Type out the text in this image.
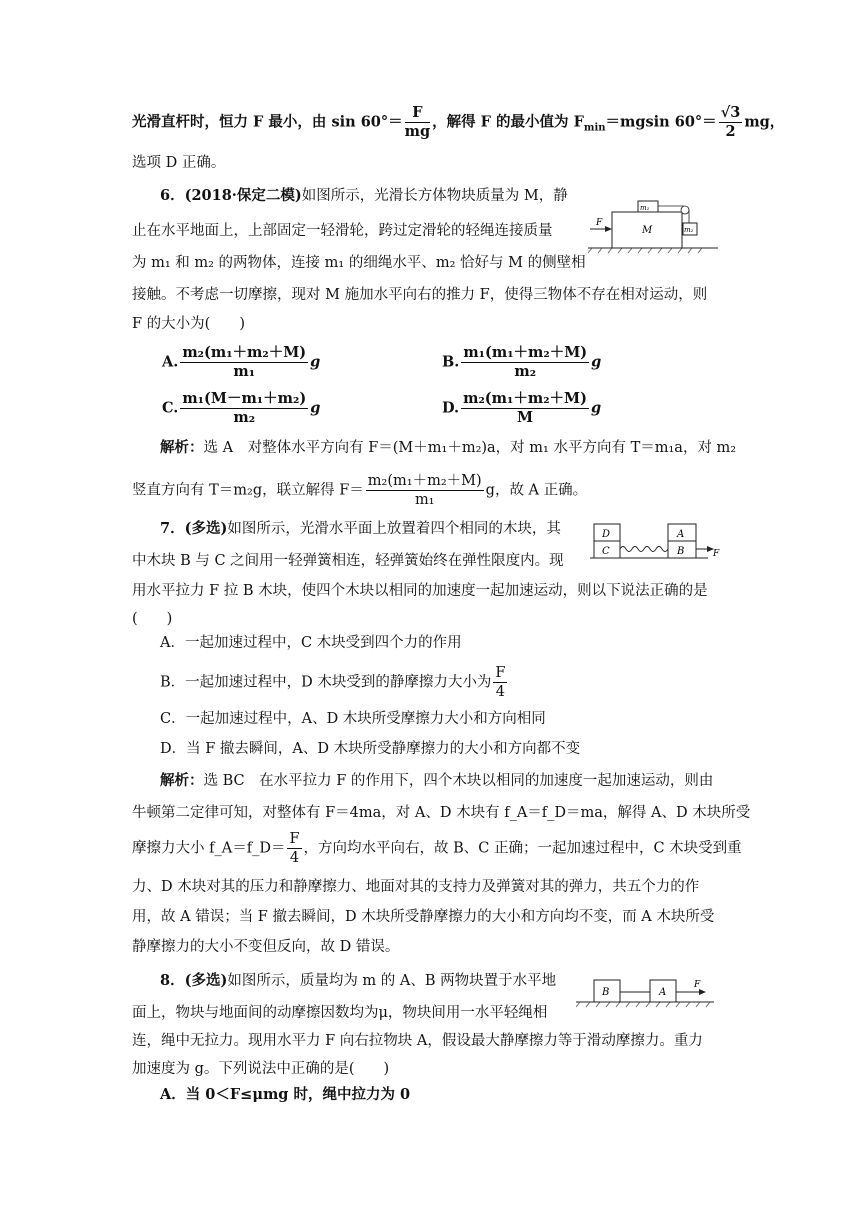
光滑直杆时，恒力 F 最小，由 $\sin 60^\circ= \frac{F}{mg}$ ，解得 F 的最小值为 $F_{min}=mgsin$ $60^\circ= \frac{√3}{2}$ mg，
选项 D 正确。
6．(2018·保定二模)如图所示，光滑长方体物块质量为 M，静
止在水平地面上，上部固定一轻滑轮，跨过定滑轮的轻绳连接质量
为 m₁ 和 m₂ 的两物体，连接 m₁ 的细绳水平、m₂ 恰好与 M 的侧壁相
接触。不考虑一切摩擦，现对 M 施加水平向右的推力 F，使得三物体不存在相对运动，则
F 的大小为(　　)
F
M
m₁
m₂
A. $\frac{\text{m₂(m₁＋m₂＋M)}}{\text{m₁}}$ g	B. $\frac{\text{m₁(m₁＋m₂＋M)}}{\text{m₂}}$ g
C. $\frac{\text{m₁(M－m₁＋m₂)}}{\text{m₂}}$ g	D. $\frac{\text{m₂(m₁＋m₂＋M)}}{M}$ g
解析：选 A　对整体水平方向有 F＝(M＋m₁＋m₂)a，对 m₁ 水平方向有 T＝m₁a，对 m₂
竖直方向有 T＝m₂g，联立解得 $F= \frac{\text{m₂(m₁＋m₂＋M)}}{\text{m₁}}$ g，故 A 正确。
7．(多选)如图所示，光滑水平面上放置着四个相同的木块，其
中木块 B 与 C 之间用一轻弹簧相连，轻弹簧始终在弹性限度内。现
用水平拉力 F 拉 B 木块，使四个木块以相同的加速度一起加速运动，则以下说法正确的是
(　　)
D
C
A
B	F
A．一起加速过程中，C 木块受到四个力的作用
B．一起加速过程中，D 木块受到的静摩擦力大小为 $\frac{F}{4}$
C．一起加速过程中，A、D 木块所受摩擦力大小和方向相同
D．当 F 撤去瞬间，A、D 木块所受静摩擦力的大小和方向都不变
解析：选 BC　在水平拉力 F 的作用下，四个木块以相同的加速度一起加速运动，则由
牛顿第二定律可知，对整体有 F＝4ma，对 A、D 木块有 f_A＝f_D＝ma，解得 A、D 木块所受
摩擦力大小 f_A＝f_D＝ $\frac{F}{4}$ ，方向均水平向右，故 B、C 正确；一起加速过程中，C 木块受到重
力、D 木块对其的压力和静摩擦力、地面对其的支持力及弹簧对其的弹力，共五个力的作
用，故 A 错误；当 F 撤去瞬间，D 木块所受静摩擦力的大小和方向均不变，而 A 木块所受
静摩擦力的大小不变但反向，故 D 错误。
8．(多选)如图所示，质量均为 m 的 A、B 两物块置于水平地
面上，物块与地面间的动摩擦因数均为μ，物块间用一水平轻绳相
连，绳中无拉力。现用水平力 F 向右拉物块 A，假设最大静摩擦力等于滑动摩擦力。重力
加速度为 g。下列说法中正确的是(　　)
B	A
F
A．当 0＜F≤μmg 时，绳中拉力为 0
